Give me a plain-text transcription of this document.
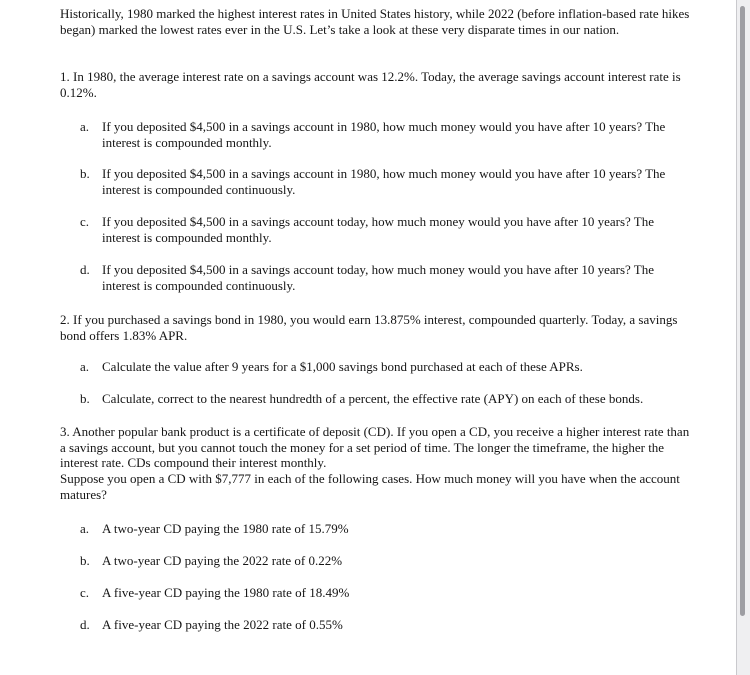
Historically, 1980 marked the highest interest rates in United States history, while 2022 (before inflation-based rate hikes began) marked the lowest rates ever in the U.S. Let’s take a look at these very disparate times in our nation.

1. In 1980, the average interest rate on a savings account was 12.2%. Today, the average savings account interest rate is 0.12%.

a. If you deposited $4,500 in a savings account in 1980, how much money would you have after 10 years? The interest is compounded monthly.
b. If you deposited $4,500 in a savings account in 1980, how much money would you have after 10 years? The interest is compounded continuously.
c. If you deposited $4,500 in a savings account today, how much money would you have after 10 years? The interest is compounded monthly.
d. If you deposited $4,500 in a savings account today, how much money would you have after 10 years? The interest is compounded continuously.

2. If you purchased a savings bond in 1980, you would earn 13.875% interest, compounded quarterly. Today, a savings bond offers 1.83% APR.

a. Calculate the value after 9 years for a $1,000 savings bond purchased at each of these APRs.
b. Calculate, correct to the nearest hundredth of a percent, the effective rate (APY) on each of these bonds.

3. Another popular bank product is a certificate of deposit (CD). If you open a CD, you receive a higher interest rate than a savings account, but you cannot touch the money for a set period of time. The longer the timeframe, the higher the interest rate. CDs compound their interest monthly.

Suppose you open a CD with $7,777 in each of the following cases. How much money will you have when the account matures?

a. A two-year CD paying the 1980 rate of 15.79%
b. A two-year CD paying the 2022 rate of 0.22%
c. A five-year CD paying the 1980 rate of 18.49%
d. A five-year CD paying the 2022 rate of 0.55%
